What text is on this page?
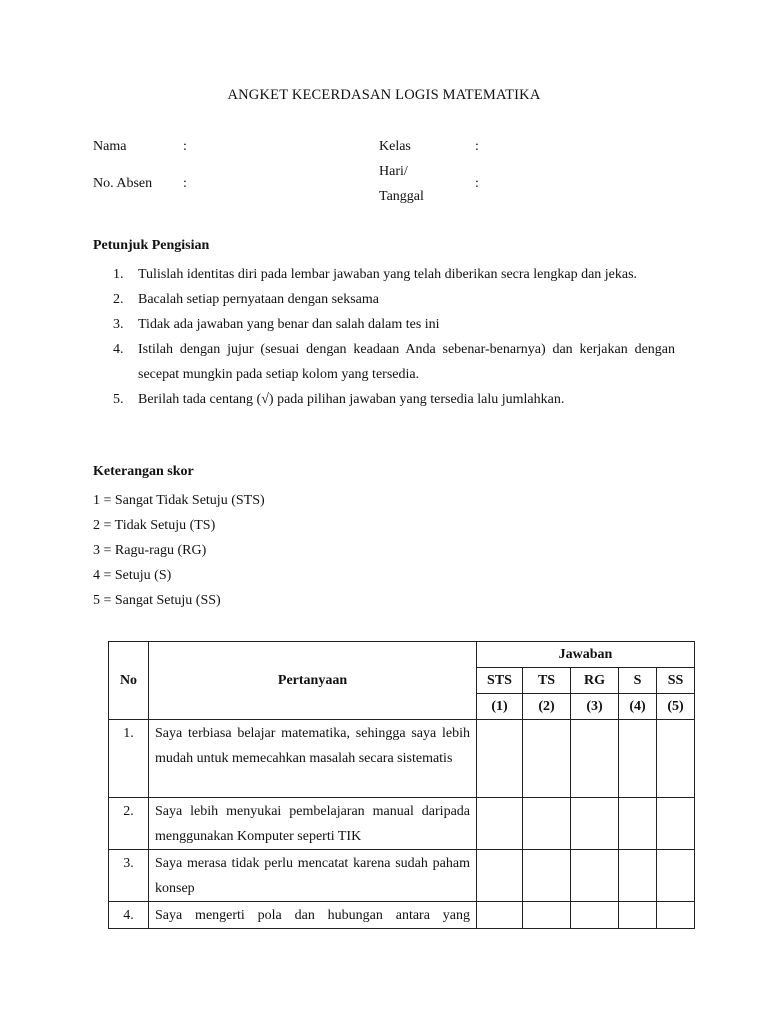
ANGKET KECERDASAN LOGIS MATEMATIKA
Nama	:
No. Absen :
Kelas	:
Hari/
Tanggal
:
Petunjuk Pengisian
1. Tulislah identitas diri pada lembar jawaban yang telah diberikan secra lengkap dan jekas.
2. Bacalah setiap pernyataan dengan seksama
3. Tidak ada jawaban yang benar dan salah dalam tes ini
4. Istilah dengan jujur (sesuai dengan keadaan Anda sebenar-benarnya) dan kerjakan dengan secepat mungkin pada setiap kolom yang tersedia.
5. Berilah tada centang (√) pada pilihan jawaban yang tersedia lalu jumlahkan.
Keterangan skor
1 = Sangat Tidak Setuju (STS)
2 = Tidak Setuju (TS)
3 = Ragu-ragu (RG)
4 = Setuju (S)
5 = Sangat Setuju (SS)
No	Pertanyaan	Jawaban				
		STS	TS	RG	S	SS
		(1)	(2)	(3)	(4)	(5)
1.	Saya terbiasa belajar matematika, sehingga saya lebih mudah untuk memecahkan masalah secara sistematis					
2.	Saya lebih menyukai pembelajaran manual daripada menggunakan Komputer seperti TIK					
3.	Saya merasa tidak perlu mencatat karena sudah paham konsep					
4.	Saya mengerti pola dan hubungan antara yang					
